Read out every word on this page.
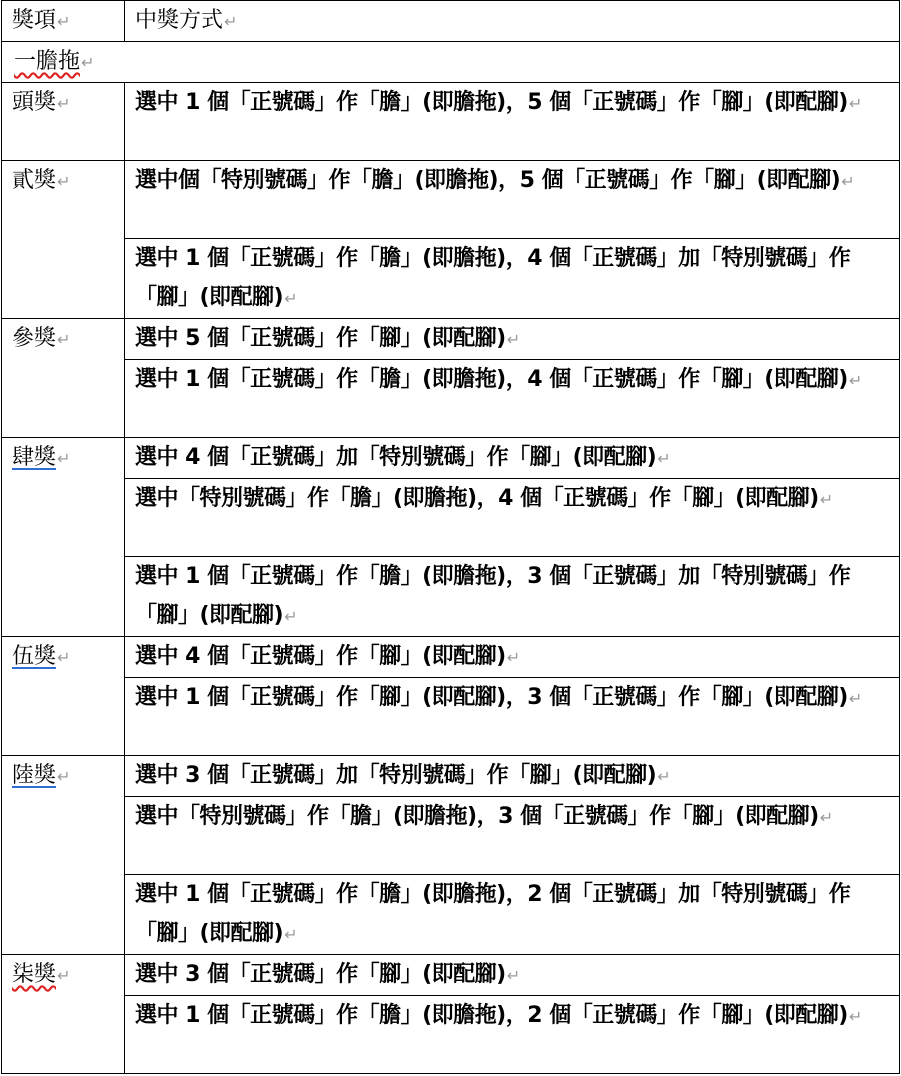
獎項↵	中獎方式↵
一膽拖↵	
頭獎↵	選中 1 個「正號碼」作「膽」(即膽拖)，5 個「正號碼」作「腳」(即配腳)↵
貳獎↵	選中個「特別號碼」作「膽」(即膽拖)，5 個「正號碼」作「腳」(即配腳)↵
	選中 1 個「正號碼」作「膽」(即膽拖)，4 個「正號碼」加「特別號碼」作「腳」(即配腳)↵
參獎↵	選中 5 個「正號碼」作「腳」(即配腳)↵
	選中 1 個「正號碼」作「膽」(即膽拖)，4 個「正號碼」作「腳」(即配腳)↵
肆獎↵	選中 4 個「正號碼」加「特別號碼」作「腳」(即配腳)↵
	選中「特別號碼」作「膽」(即膽拖)，4 個「正號碼」作「腳」(即配腳)↵
	選中 1 個「正號碼」作「膽」(即膽拖)，3 個「正號碼」加「特別號碼」作「腳」(即配腳)↵
伍獎↵	選中 4 個「正號碼」作「腳」(即配腳)↵
	選中 1 個「正號碼」作「腳」(即配腳)，3 個「正號碼」作「腳」(即配腳)↵
陸獎↵	選中 3 個「正號碼」加「特別號碼」作「腳」(即配腳)↵
	選中「特別號碼」作「膽」(即膽拖)，3 個「正號碼」作「腳」(即配腳)↵
	選中 1 個「正號碼」作「膽」(即膽拖)，2 個「正號碼」加「特別號碼」作「腳」(即配腳)↵
柒獎↵	選中 3 個「正號碼」作「腳」(即配腳)↵
	選中 1 個「正號碼」作「膽」(即膽拖)，2 個「正號碼」作「腳」(即配腳)↵
